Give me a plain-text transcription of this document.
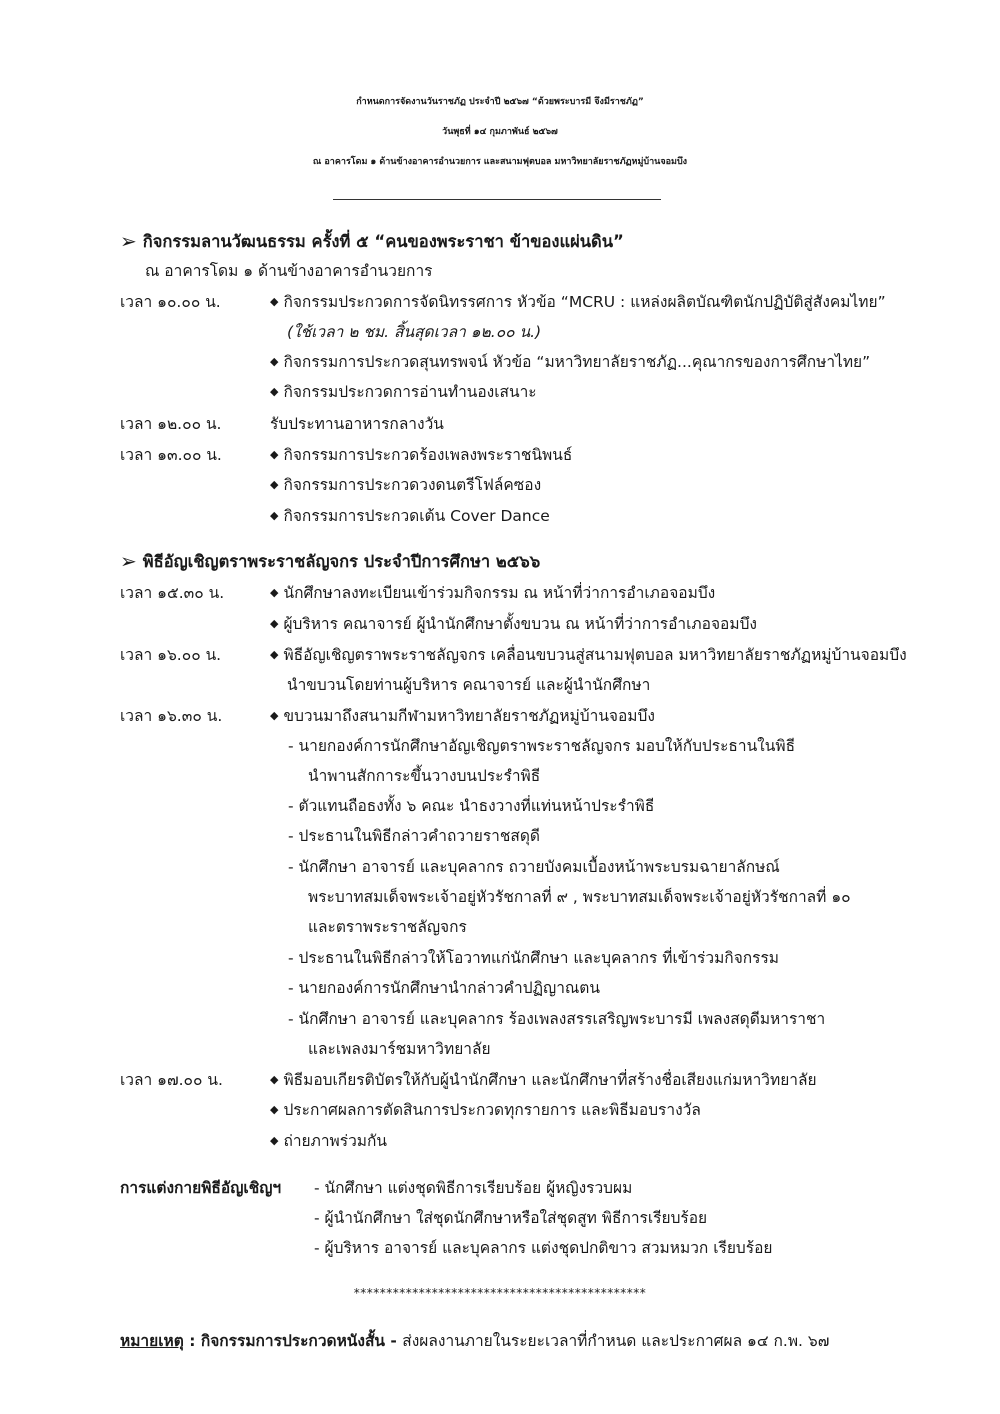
กำหนดการจัดงานวันราชภัฏ ประจำปี ๒๕๖๗ “ด้วยพระบารมี จึงมีราชภัฏ”
วันพุธที่ ๑๔ กุมภาพันธ์ ๒๕๖๗
ณ อาคารโดม ๑ ด้านข้างอาคารอำนวยการ และสนามฟุตบอล มหาวิทยาลัยราชภัฏหมู่บ้านจอมบึง
➢ กิจกรรมลานวัฒนธรรม ครั้งที่ ๕ “คนของพระราชา ข้าของแผ่นดิน”
ณ อาคารโดม ๑ ด้านข้างอาคารอำนวยการ
เวลา ๑๐.๐๐ น.	◆ กิจกรรมประกวดการจัดนิทรรศการ หัวข้อ “MCRU : แหล่งผลิตบัณฑิตนักปฏิบัติสู่สังคมไทย”
(ใช้เวลา ๒ ชม. สิ้นสุดเวลา ๑๒.๐๐ น.)
◆ กิจกรรมการประกวดสุนทรพจน์ หัวข้อ “มหาวิทยาลัยราชภัฏ...คุณากรของการศึกษาไทย”
◆ กิจกรรมประกวดการอ่านทำนองเสนาะ
เวลา ๑๒.๐๐ น.	รับประทานอาหารกลางวัน
เวลา ๑๓.๐๐ น.	◆ กิจกรรมการประกวดร้องเพลงพระราชนิพนธ์
◆ กิจกรรมการประกวดวงดนตรีโฟล์คซอง
◆ กิจกรรมการประกวดเต้น Cover Dance
➢ พิธีอัญเชิญตราพระราชลัญจกร ประจำปีการศึกษา ๒๕๖๖
เวลา ๑๕.๓๐ น.	◆ นักศึกษาลงทะเบียนเข้าร่วมกิจกรรม ณ หน้าที่ว่าการอำเภอจอมบึง
◆ ผู้บริหาร คณาจารย์ ผู้นำนักศึกษาตั้งขบวน ณ หน้าที่ว่าการอำเภอจอมบึง
เวลา ๑๖.๐๐ น.	◆ พิธีอัญเชิญตราพระราชลัญจกร เคลื่อนขบวนสู่สนามฟุตบอล มหาวิทยาลัยราชภัฏหมู่บ้านจอมบึง
นำขบวนโดยท่านผู้บริหาร คณาจารย์ และผู้นำนักศึกษา
เวลา ๑๖.๓๐ น.	◆ ขบวนมาถึงสนามกีฬามหาวิทยาลัยราชภัฏหมู่บ้านจอมบึง
- นายกองค์การนักศึกษาอัญเชิญตราพระราชลัญจกร มอบให้กับประธานในพิธี
นำพานสักการะขึ้นวางบนประรำพิธี
- ตัวแทนถือธงทั้ง ๖ คณะ นำธงวางที่แท่นหน้าประรำพิธี
- ประธานในพิธีกล่าวคำถวายราชสดุดี
- นักศึกษา อาจารย์ และบุคลากร ถวายบังคมเบื้องหน้าพระบรมฉายาลักษณ์
พระบาทสมเด็จพระเจ้าอยู่หัวรัชกาลที่ ๙ , พระบาทสมเด็จพระเจ้าอยู่หัวรัชกาลที่ ๑๐
และตราพระราชลัญจกร
- ประธานในพิธีกล่าวให้โอวาทแก่นักศึกษา และบุคลากร ที่เข้าร่วมกิจกรรม
- นายกองค์การนักศึกษานำกล่าวคำปฏิญาณตน
- นักศึกษา อาจารย์ และบุคลากร ร้องเพลงสรรเสริญพระบารมี เพลงสดุดีมหาราชา
และเพลงมาร์ชมหาวิทยาลัย
เวลา ๑๗.๐๐ น.	◆ พิธีมอบเกียรติบัตรให้กับผู้นำนักศึกษา และนักศึกษาที่สร้างชื่อเสียงแก่มหาวิทยาลัย
◆ ประกาศผลการตัดสินการประกวดทุกรายการ และพิธีมอบรางวัล
◆ ถ่ายภาพร่วมกัน
การแต่งกายพิธีอัญเชิญฯ	- นักศึกษา แต่งชุดพิธีการเรียบร้อย ผู้หญิงรวบผม
- ผู้นำนักศึกษา ใส่ชุดนักศึกษาหรือใส่ชุดสูท พิธีการเรียบร้อย
- ผู้บริหาร อาจารย์ และบุคลากร แต่งชุดปกติขาว สวมหมวก เรียบร้อย
*********************************************
หมายเหตุ : กิจกรรมการประกวดหนังสั้น - ส่งผลงานภายในระยะเวลาที่กำหนด และประกาศผล ๑๔ ก.พ. ๖๗
